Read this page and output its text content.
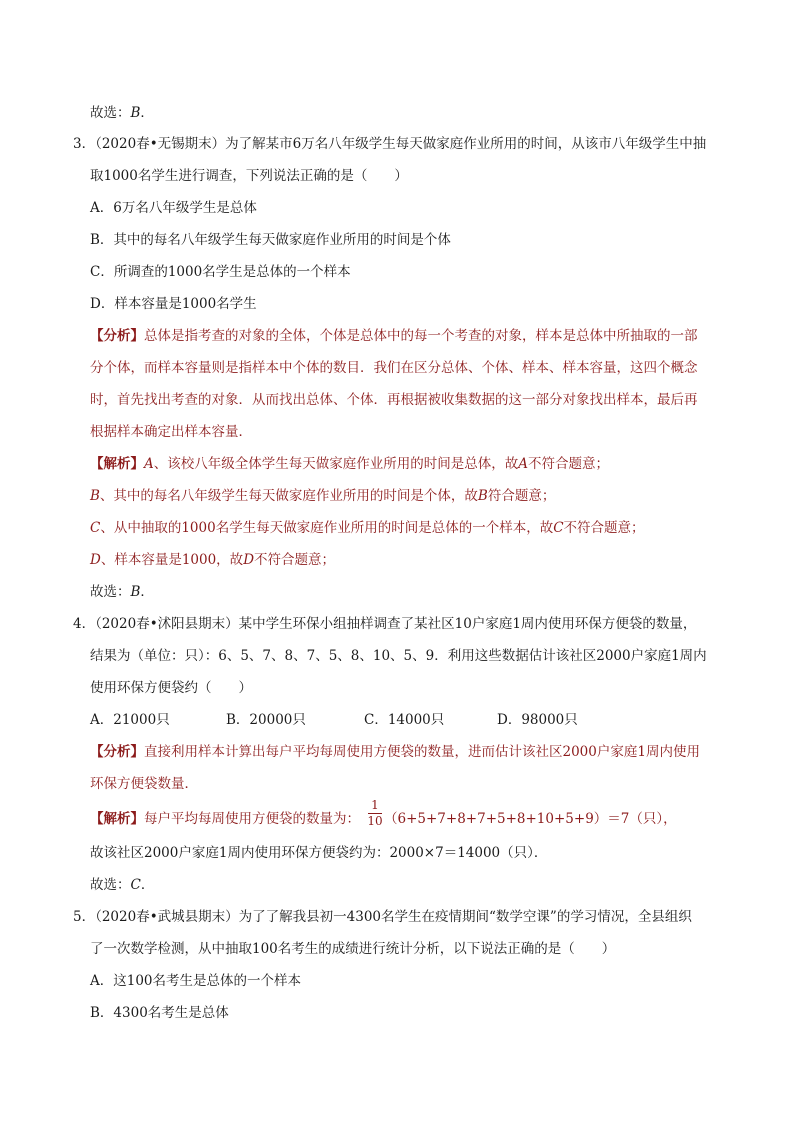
故选：B．
3．（2020春•无锡期末）为了解某市6万名八年级学生每天做家庭作业所用的时间，从该市八年级学生中抽
取1000名学生进行调查，下列说法正确的是（　　）
A．6万名八年级学生是总体
B．其中的每名八年级学生每天做家庭作业所用的时间是个体
C．所调查的1000名学生是总体的一个样本
D．样本容量是1000名学生
【分析】总体是指考查的对象的全体，个体是总体中的每一个考查的对象，样本是总体中所抽取的一部
分个体，而样本容量则是指样本中个体的数目．我们在区分总体、个体、样本、样本容量，这四个概念
时，首先找出考查的对象．从而找出总体、个体．再根据被收集数据的这一部分对象找出样本，最后再
根据样本确定出样本容量．
【解析】A、该校八年级全体学生每天做家庭作业所用的时间是总体，故A不符合题意；
B、其中的每名八年级学生每天做家庭作业所用的时间是个体，故B符合题意；
C、从中抽取的1000名学生每天做家庭作业所用的时间是总体的一个样本，故C不符合题意；
D、样本容量是1000，故D不符合题意；
故选：B．
4．（2020春•沭阳县期末）某中学生环保小组抽样调查了某社区10户家庭1周内使用环保方便袋的数量，
结果为（单位：只）：6、5、7、8、7、5、8、10、5、9．利用这些数据估计该社区2000户家庭1周内
使用环保方便袋约（　　）
A．21000只	B．20000只	C．14000只	D．98000只
【分析】直接利用样本计算出每户平均每周使用方便袋的数量，进而估计该社区2000户家庭1周内使用
环保方便袋数量．
【解析】每户平均每周使用方便袋的数量为： （6+5+7+8+7+5+8+10+5+9）＝7（只），
1
10
故该社区2000户家庭1周内使用环保方便袋约为：2000×7＝14000（只）．
故选：C．
5．（2020春•武城县期末）为了了解我县初一4300名学生在疫情期间“数学空课”的学习情况，全县组织
了一次数学检测，从中抽取100名考生的成绩进行统计分析，以下说法正确的是（　　）
A．这100名考生是总体的一个样本
B．4300名考生是总体
